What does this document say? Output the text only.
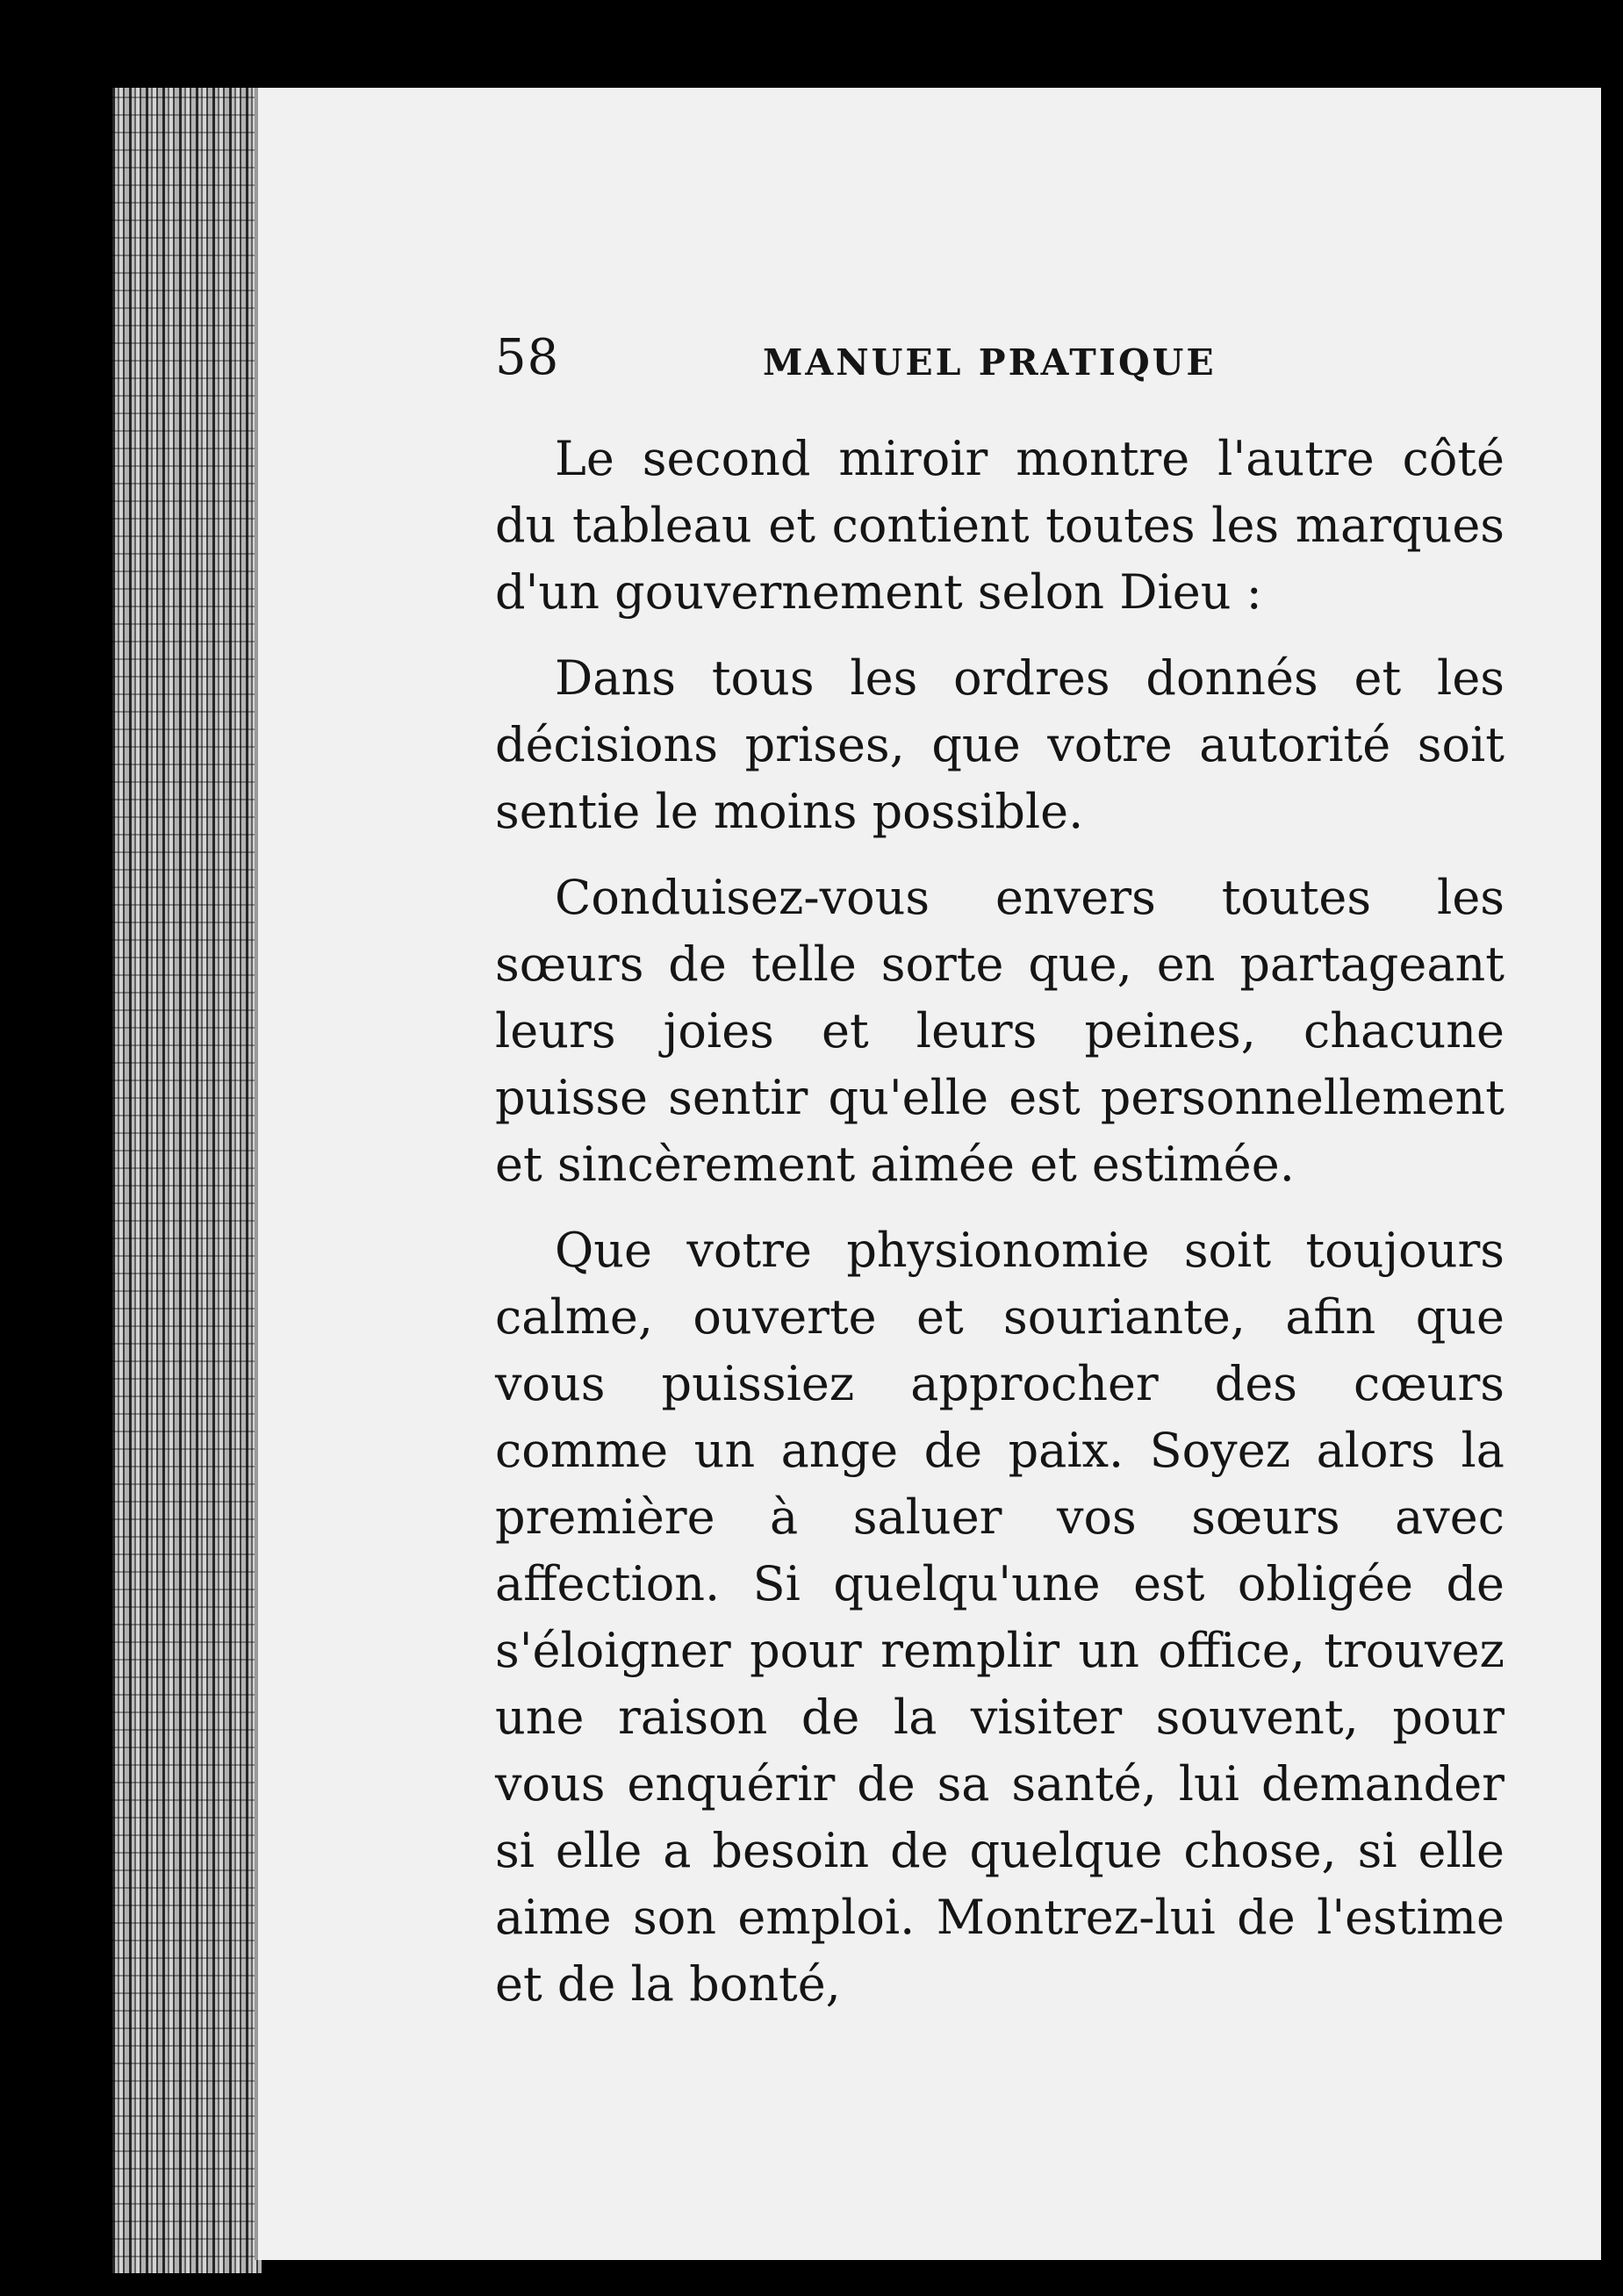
58	MANUEL PRATIQUE

Le second miroir montre l'autre côté du tableau et contient toutes les marques d'un gouvernement selon Dieu :

Dans tous les ordres donnés et les décisions prises, que votre autorité soit sentie le moins possible.

Conduisez-vous envers toutes les sœurs de telle sorte que, en partageant leurs joies et leurs peines, chacune puisse sentir qu'elle est personnellement et sincèrement aimée et estimée.

Que votre physionomie soit toujours calme, ouverte et souriante, afin que vous puissiez approcher des cœurs comme un ange de paix. Soyez alors la première à saluer vos sœurs avec affection. Si quelqu'une est obligée de s'éloigner pour remplir un office, trouvez une raison de la visiter souvent, pour vous enquérir de sa santé, lui demander si elle a besoin de quelque chose, si elle aime son emploi. Montrez-lui de l'estime et de la bonté,
